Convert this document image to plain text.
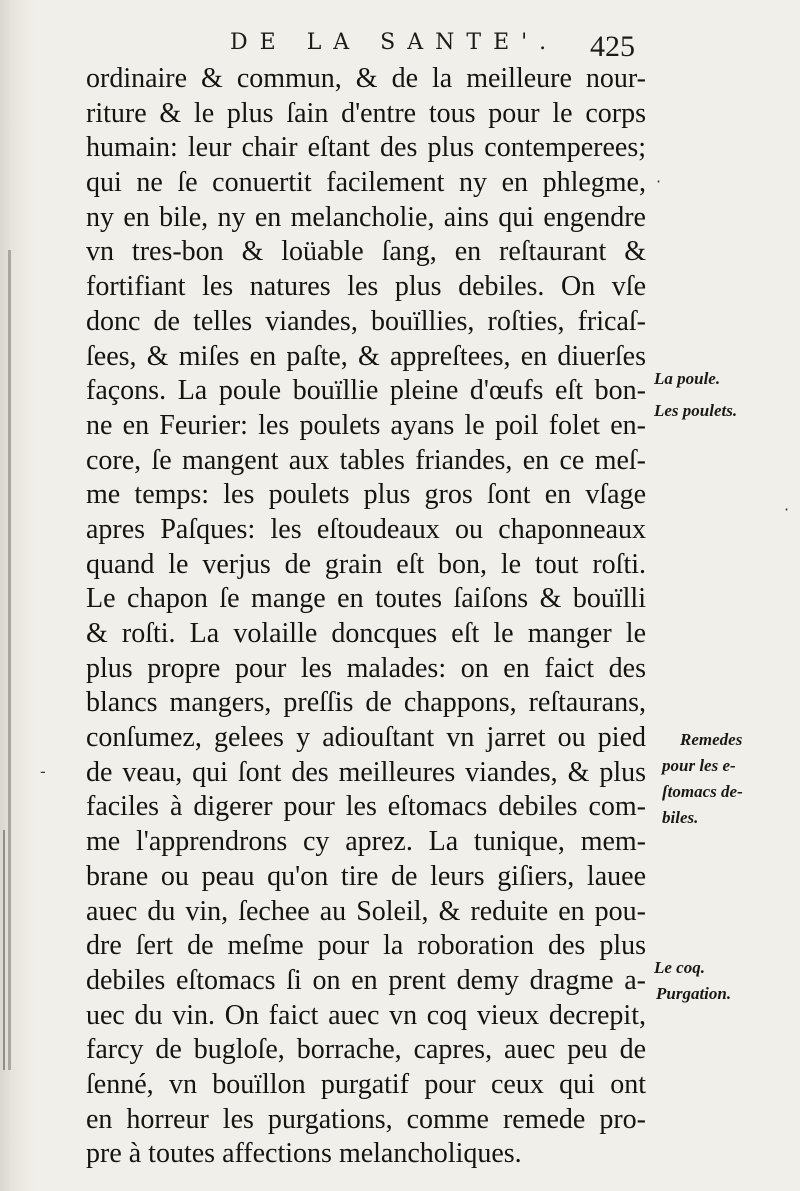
DE LA SANTE'. 425
ordinaire & commun, & de la meilleure nour-
riture & le plus ſain d'entre tous pour le corps
humain: leur chair eſtant des plus contemperees;
qui ne ſe conuertit facilement ny en phlegme,
ny en bile, ny en melancholie, ains qui engendre
vn tres-bon & loüable ſang, en reſtaurant &
fortifiant les natures les plus debiles. On vſe
donc de telles viandes, bouïllies, roſties, fricaſ-
ſees, & miſes en paſte, & appreſtees, en diuerſes
façons. La poule bouïllie pleine d'œufs eſt bon-
ne en Feurier: les poulets ayans le poil folet en-
core, ſe mangent aux tables friandes, en ce meſ-
me temps: les poulets plus gros ſont en vſage
apres Paſques: les eſtoudeaux ou chaponneaux
quand le verjus de grain eſt bon, le tout roſti.
Le chapon ſe mange en toutes ſaiſons & bouïlli
& roſti. La volaille doncques eſt le manger le
plus propre pour les malades: on en faict des
blancs mangers, preſſis de chappons, reſtaurans,
conſumez, gelees y adiouſtant vn jarret ou pied
de veau, qui ſont des meilleures viandes, & plus
faciles à digerer pour les eſtomacs debiles com-
me l'apprendrons cy aprez. La tunique, mem-
brane ou peau qu'on tire de leurs giſiers, lauee
auec du vin, ſechee au Soleil, & reduite en pou-
dre ſert de meſme pour la roboration des plus
debiles eſtomacs ſi on en prent demy dragme a-
uec du vin. On faict auec vn coq vieux decrepit,
farcy de bugloſe, borrache, capres, auec peu de
ſenné, vn bouïllon purgatif pour ceux qui ont
en horreur les purgations, comme remede pro-
pre à toutes affections melancholiques.
La poule.
Les poulets.
Remedes
pour les e-
ſtomacs de-
biles.
Le coq.
Purgation.
·
·
-
